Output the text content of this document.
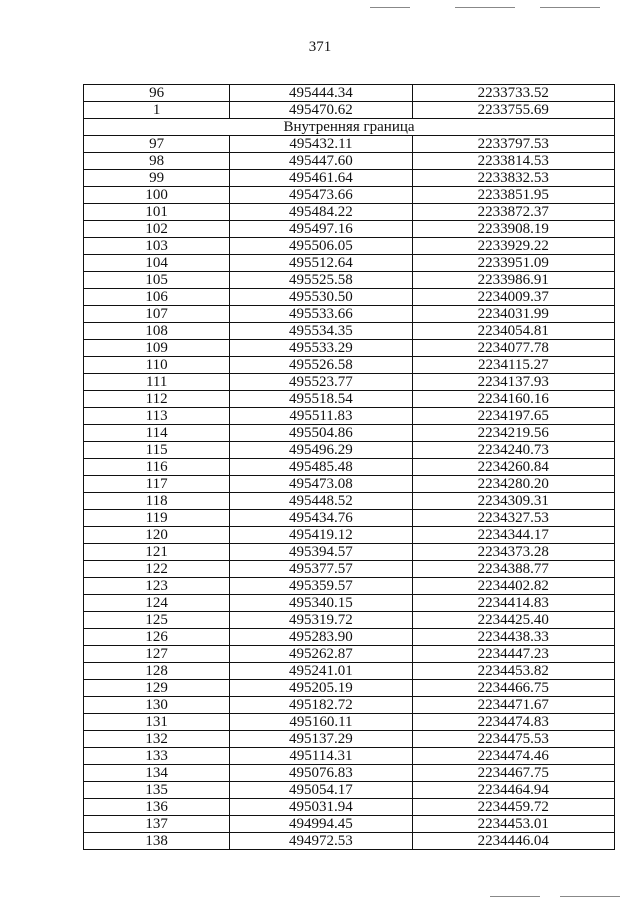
371
96	495444.34	2233733.52
1	495470.62	2233755.69
Внутренняя граница		
97	495432.11	2233797.53
98	495447.60	2233814.53
99	495461.64	2233832.53
100	495473.66	2233851.95
101	495484.22	2233872.37
102	495497.16	2233908.19
103	495506.05	2233929.22
104	495512.64	2233951.09
105	495525.58	2233986.91
106	495530.50	2234009.37
107	495533.66	2234031.99
108	495534.35	2234054.81
109	495533.29	2234077.78
110	495526.58	2234115.27
111	495523.77	2234137.93
112	495518.54	2234160.16
113	495511.83	2234197.65
114	495504.86	2234219.56
115	495496.29	2234240.73
116	495485.48	2234260.84
117	495473.08	2234280.20
118	495448.52	2234309.31
119	495434.76	2234327.53
120	495419.12	2234344.17
121	495394.57	2234373.28
122	495377.57	2234388.77
123	495359.57	2234402.82
124	495340.15	2234414.83
125	495319.72	2234425.40
126	495283.90	2234438.33
127	495262.87	2234447.23
128	495241.01	2234453.82
129	495205.19	2234466.75
130	495182.72	2234471.67
131	495160.11	2234474.83
132	495137.29	2234475.53
133	495114.31	2234474.46
134	495076.83	2234467.75
135	495054.17	2234464.94
136	495031.94	2234459.72
137	494994.45	2234453.01
138	494972.53	2234446.04
